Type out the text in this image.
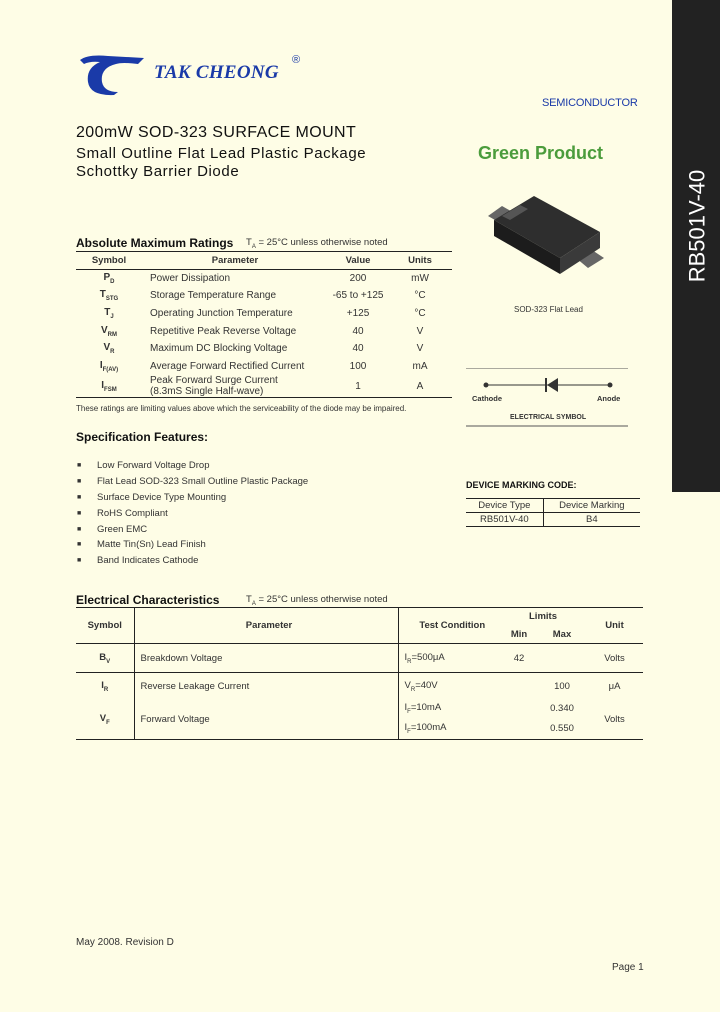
TAK CHEONG
®
SEMICONDUCTOR
200mW SOD-323 SURFACE MOUNT
Small Outline Flat Lead Plastic Package
Schottky Barrier Diode
Green Product
RB501V-40
SOD-323 Flat Lead
Cathode	Anode
ELECTRICAL SYMBOL
Absolute Maximum Ratings $T_A = 25^\circ C$ unless otherwise noted
Symbol	Parameter	Value	Units
$P_D$	Power Dissipation	200	mW
$T_{STG}$	Storage Temperature Range	-65 to +125	°C
$T_J$	Operating Junction Temperature	+125	°C
$V_{RM}$	Repetitive Peak Reverse Voltage	40	V
$V_R$	Maximum DC Blocking Voltage	40	V
$I_{F(AV)}$	Average Forward Rectified Current	100	mA
$I_{FSM}$	Peak Forward Surge Current
(8.3mS Single Half-wave)	1	A
These ratings are limiting values above which the serviceability of the diode may be impaired.
Specification Features:
■	Low Forward Voltage Drop
■	Flat Lead SOD-323 Small Outline Plastic Package
■	Surface Device Type Mounting
■	RoHS Compliant
■	Green EMC
■	Matte Tin(Sn) Lead Finish
■	Band Indicates Cathode
DEVICE MARKING CODE:
Device Type	Device Marking
RB501V-40	B4
Electrical Characteristics	$T_A = 25^\circ C$ unless otherwise noted
Symbol	Parameter	Test Condition	Limits		Unit
			Min	Max	
$B_V$	Breakdown Voltage	$I_R=500\mu A$	42		Volts
$I_R$	Reverse Leakage Current	$V_R=40V$		100	μA
$V_F$	Forward Voltage	$I_F=10mA$		0.340	Volts
		$I_F=100mA$		0.550	
May 2008. Revision D
Page 1
